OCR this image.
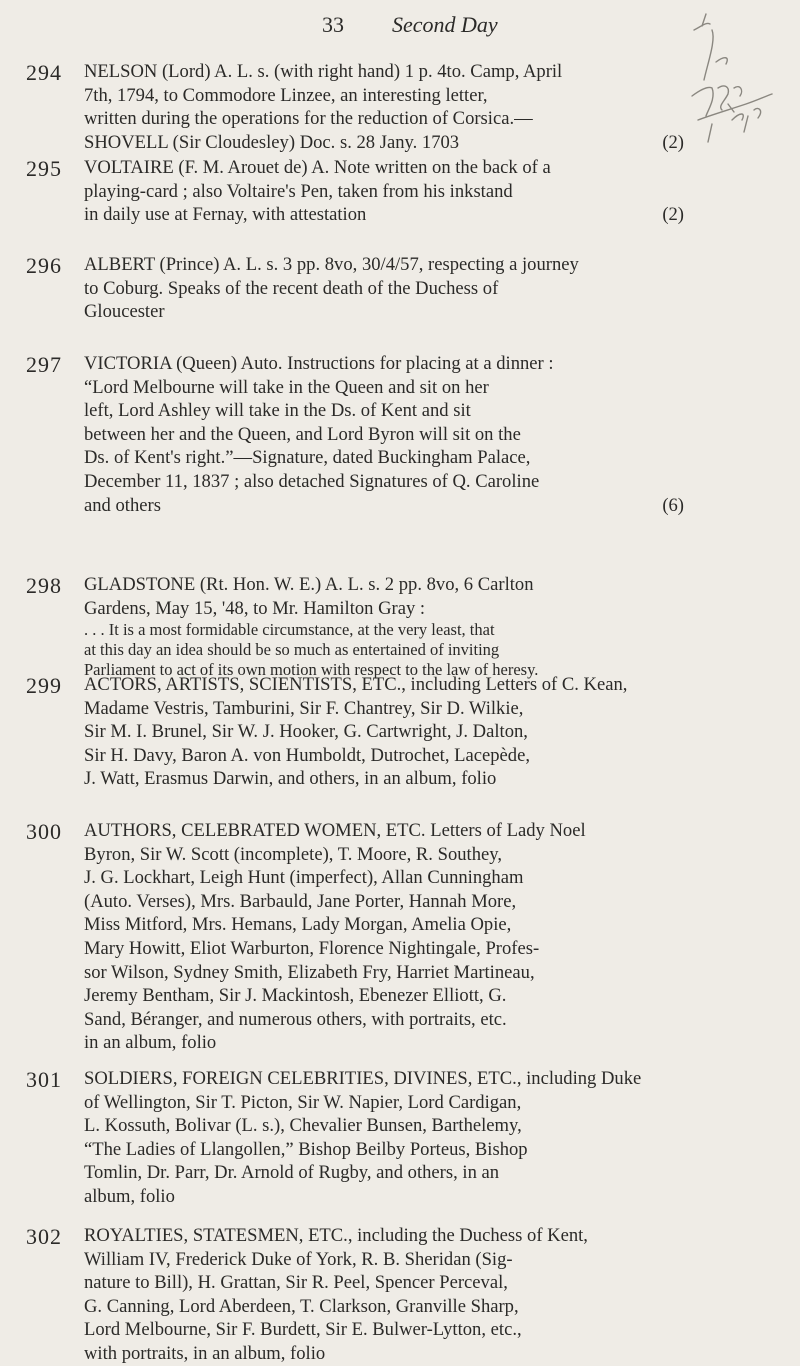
33 Second Day
294 NELSON (Lord) A. L. s. (with right hand) 1 p. 4to. Camp, April
7th, 1794, to Commodore Linzee, an interesting letter,
written during the operations for the reduction of Corsica.—
SHOVELL (Sir Cloudesley) Doc. s. 28 Jany. 1703	(2)
295 VOLTAIRE (F. M. Arouet de) A. Note written on the back of a
playing-card ; also Voltaire's Pen, taken from his inkstand
in daily use at Fernay, with attestation	(2)
296 ALBERT (Prince) A. L. s. 3 pp. 8vo, 30/4/57, respecting a journey
to Coburg. Speaks of the recent death of the Duchess of
Gloucester
297 VICTORIA (Queen) Auto. Instructions for placing at a dinner :
“Lord Melbourne will take in the Queen and sit on her
left, Lord Ashley will take in the Ds. of Kent and sit
between her and the Queen, and Lord Byron will sit on the
Ds. of Kent's right.”—Signature, dated Buckingham Palace,
December 11, 1837 ; also detached Signatures of Q. Caroline
and others	(6)
298 GLADSTONE (Rt. Hon. W. E.) A. L. s. 2 pp. 8vo, 6 Carlton
Gardens, May 15, '48, to Mr. Hamilton Gray :
. . . It is a most formidable circumstance, at the very least, that
at this day an idea should be so much as entertained of inviting
Parliament to act of its own motion with respect to the law of heresy.
299 ACTORS, ARTISTS, SCIENTISTS, ETC., including Letters of C. Kean,
Madame Vestris, Tamburini, Sir F. Chantrey, Sir D. Wilkie,
Sir M. I. Brunel, Sir W. J. Hooker, G. Cartwright, J. Dalton,
Sir H. Davy, Baron A. von Humboldt, Dutrochet, Lacepède,
J. Watt, Erasmus Darwin, and others, in an album, folio
300 AUTHORS, CELEBRATED WOMEN, ETC. Letters of Lady Noel
Byron, Sir W. Scott (incomplete), T. Moore, R. Southey,
J. G. Lockhart, Leigh Hunt (imperfect), Allan Cunningham
(Auto. Verses), Mrs. Barbauld, Jane Porter, Hannah More,
Miss Mitford, Mrs. Hemans, Lady Morgan, Amelia Opie,
Mary Howitt, Eliot Warburton, Florence Nightingale, Profes-
sor Wilson, Sydney Smith, Elizabeth Fry, Harriet Martineau,
Jeremy Bentham, Sir J. Mackintosh, Ebenezer Elliott, G.
Sand, Béranger, and numerous others, with portraits, etc.
in an album, folio
301 SOLDIERS, FOREIGN CELEBRITIES, DIVINES, ETC., including Duke
of Wellington, Sir T. Picton, Sir W. Napier, Lord Cardigan,
L. Kossuth, Bolivar (L. s.), Chevalier Bunsen, Barthelemy,
“The Ladies of Llangollen,” Bishop Beilby Porteus, Bishop
Tomlin, Dr. Parr, Dr. Arnold of Rugby, and others, in an
album, folio
302 ROYALTIES, STATESMEN, ETC., including the Duchess of Kent,
William IV, Frederick Duke of York, R. B. Sheridan (Sig-
nature to Bill), H. Grattan, Sir R. Peel, Spencer Perceval,
G. Canning, Lord Aberdeen, T. Clarkson, Granville Sharp,
Lord Melbourne, Sir F. Burdett, Sir E. Bulwer-Lytton, etc.,
with portraits, in an album, folio
